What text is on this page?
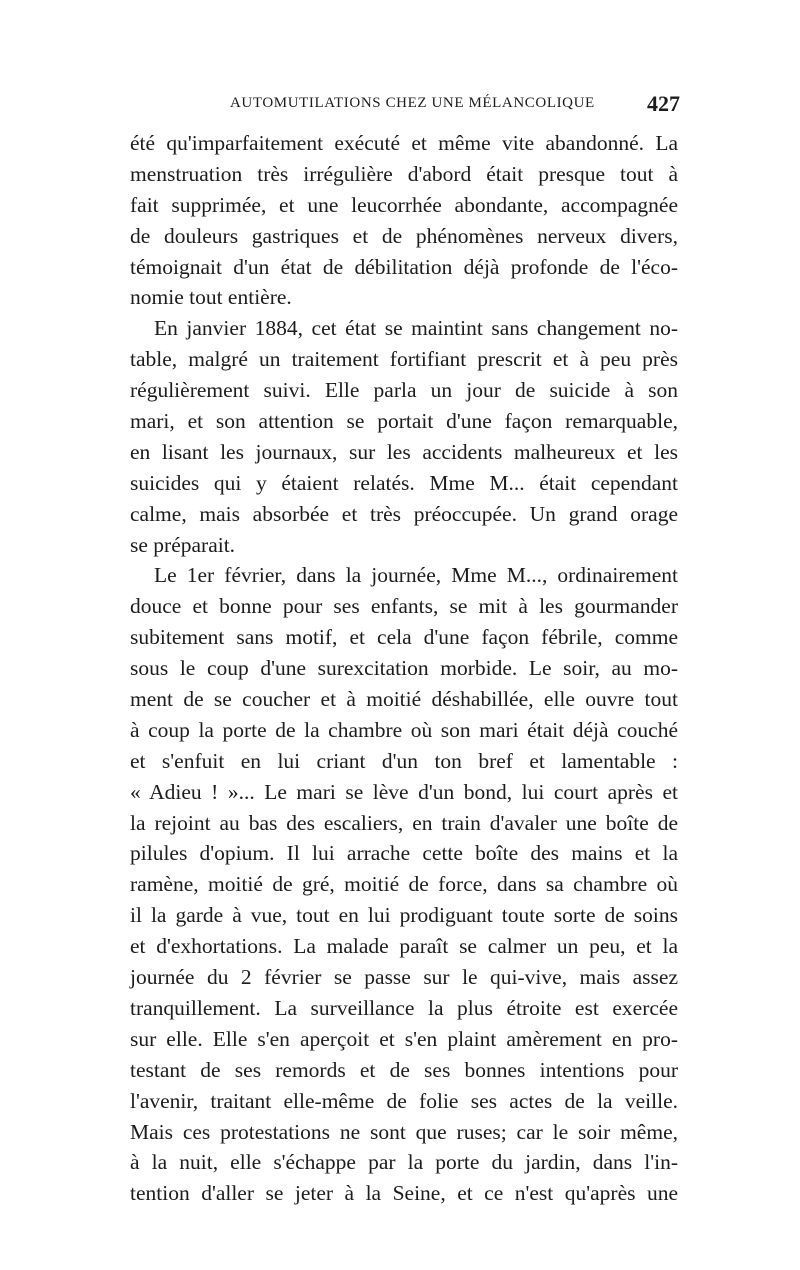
AUTOMUTILATIONS CHEZ UNE MÉLANCOLIQUE 427
été qu'imparfaitement exécuté et même vite abandonné. La
menstruation très irrégulière d'abord était presque tout à
fait supprimée, et une leucorrhée abondante, accompagnée
de douleurs gastriques et de phénomènes nerveux divers,
témoignait d'un état de débilitation déjà profonde de l'éco-
nomie tout entière.
En janvier 1884, cet état se maintint sans changement no-
table, malgré un traitement fortifiant prescrit et à peu près
régulièrement suivi. Elle parla un jour de suicide à son
mari, et son attention se portait d'une façon remarquable,
en lisant les journaux, sur les accidents malheureux et les
suicides qui y étaient relatés. Mme M... était cependant
calme, mais absorbée et très préoccupée. Un grand orage
se préparait.
Le 1er février, dans la journée, Mme M..., ordinairement
douce et bonne pour ses enfants, se mit à les gourmander
subitement sans motif, et cela d'une façon fébrile, comme
sous le coup d'une surexcitation morbide. Le soir, au mo-
ment de se coucher et à moitié déshabillée, elle ouvre tout
à coup la porte de la chambre où son mari était déjà couché
et s'enfuit en lui criant d'un ton bref et lamentable :
« Adieu ! »... Le mari se lève d'un bond, lui court après et
la rejoint au bas des escaliers, en train d'avaler une boîte de
pilules d'opium. Il lui arrache cette boîte des mains et la
ramène, moitié de gré, moitié de force, dans sa chambre où
il la garde à vue, tout en lui prodiguant toute sorte de soins
et d'exhortations. La malade paraît se calmer un peu, et la
journée du 2 février se passe sur le qui-vive, mais assez
tranquillement. La surveillance la plus étroite est exercée
sur elle. Elle s'en aperçoit et s'en plaint amèrement en pro-
testant de ses remords et de ses bonnes intentions pour
l'avenir, traitant elle-même de folie ses actes de la veille.
Mais ces protestations ne sont que ruses; car le soir même,
à la nuit, elle s'échappe par la porte du jardin, dans l'in-
tention d'aller se jeter à la Seine, et ce n'est qu'après une
